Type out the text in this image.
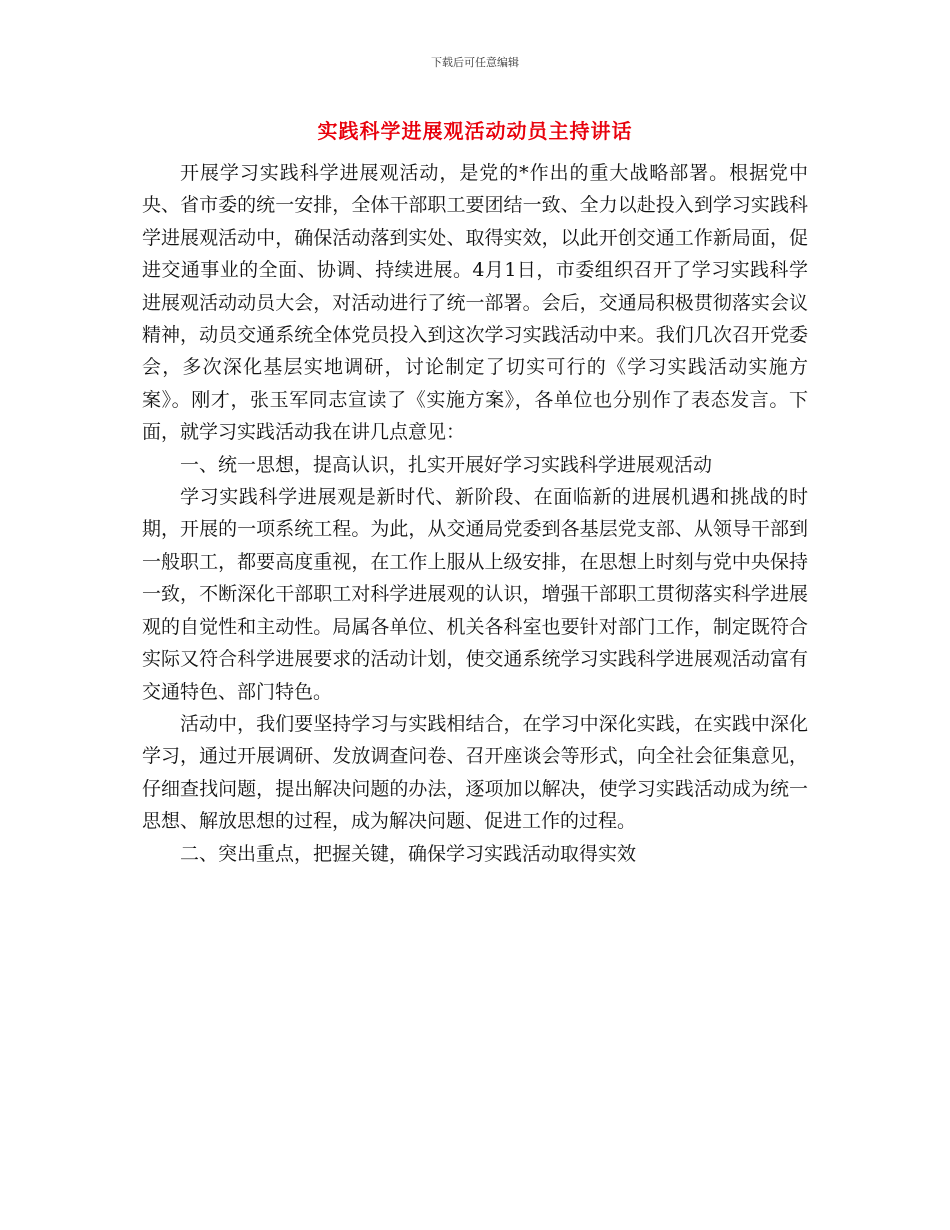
下载后可任意编辑
实践科学进展观活动动员主持讲话

开展学习实践科学进展观活动，是党的*作出的重大战略部署。根据党中央、省市委的统一安排，全体干部职工要团结一致、全力以赴投入到学习实践科学进展观活动中，确保活动落到实处、取得实效，以此开创交通工作新局面，促进交通事业的全面、协调、持续进展。4月1日，市委组织召开了学习实践科学进展观活动动员大会，对活动进行了统一部署。会后，交通局积极贯彻落实会议精神，动员交通系统全体党员投入到这次学习实践活动中来。我们几次召开党委会，多次深化基层实地调研，讨论制定了切实可行的《学习实践活动实施方案》。刚才，张玉军同志宣读了《实施方案》，各单位也分别作了表态发言。下面，就学习实践活动我在讲几点意见：

一、统一思想，提高认识，扎实开展好学习实践科学进展观活动

学习实践科学进展观是新时代、新阶段、在面临新的进展机遇和挑战的时期，开展的一项系统工程。为此，从交通局党委到各基层党支部、从领导干部到一般职工，都要高度重视，在工作上服从上级安排，在思想上时刻与党中央保持一致，不断深化干部职工对科学进展观的认识，增强干部职工贯彻落实科学进展观的自觉性和主动性。局属各单位、机关各科室也要针对部门工作，制定既符合实际又符合科学进展要求的活动计划，使交通系统学习实践科学进展观活动富有交通特色、部门特色。

活动中，我们要坚持学习与实践相结合，在学习中深化实践，在实践中深化学习，通过开展调研、发放调查问卷、召开座谈会等形式，向全社会征集意见，仔细查找问题，提出解决问题的办法，逐项加以解决，使学习实践活动成为统一思想、解放思想的过程，成为解决问题、促进工作的过程。

二、突出重点，把握关键，确保学习实践活动取得实效
